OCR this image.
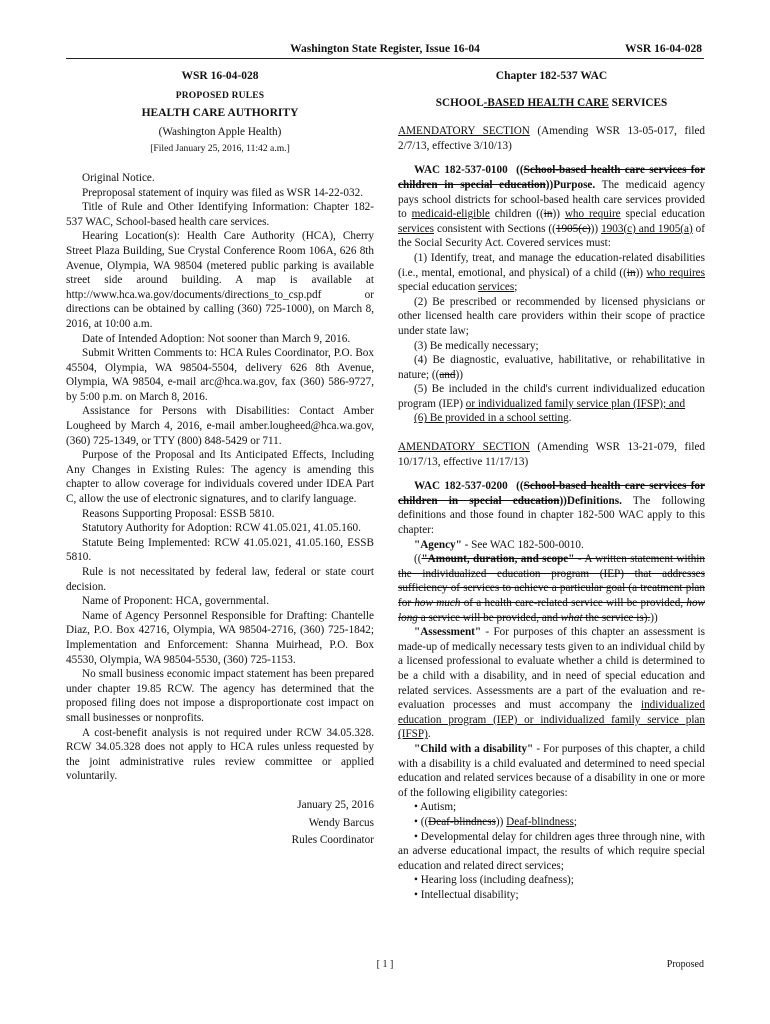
Washington State Register, Issue 16-04	WSR 16-04-028
WSR 16-04-028
PROPOSED RULES
HEALTH CARE AUTHORITY
(Washington Apple Health)
[Filed January 25, 2016, 11:42 a.m.]

Original Notice.

Preproposal statement of inquiry was filed as WSR 14-22-032.

Title of Rule and Other Identifying Information: Chapter 182-537 WAC, School-based health care services.

Hearing Location(s): Health Care Authority (HCA), Cherry Street Plaza Building, Sue Crystal Conference Room 106A, 626 8th Avenue, Olympia, WA 98504 (metered public parking is available street side around building. A map is available at http://www.hca.wa.gov/documents/directions_to_csp.pdf or directions can be obtained by calling (360) 725-1000), on March 8, 2016, at 10:00 a.m.

Date of Intended Adoption: Not sooner than March 9, 2016.

Submit Written Comments to: HCA Rules Coordinator, P.O. Box 45504, Olympia, WA 98504-5504, delivery 626 8th Avenue, Olympia, WA 98504, e-mail arc@hca.wa.gov, fax (360) 586-9727, by 5:00 p.m. on March 8, 2016.

Assistance for Persons with Disabilities: Contact Amber Lougheed by March 4, 2016, e-mail amber.lougheed@hca.wa.gov, (360) 725-1349, or TTY (800) 848-5429 or 711.

Purpose of the Proposal and Its Anticipated Effects, Including Any Changes in Existing Rules: The agency is amending this chapter to allow coverage for individuals covered under IDEA Part C, allow the use of electronic signatures, and to clarify language.

Reasons Supporting Proposal: ESSB 5810.

Statutory Authority for Adoption: RCW 41.05.021, 41.05.160.

Statute Being Implemented: RCW 41.05.021, 41.05.160, ESSB 5810.

Rule is not necessitated by federal law, federal or state court decision.

Name of Proponent: HCA, governmental.

Name of Agency Personnel Responsible for Drafting: Chantelle Diaz, P.O. Box 42716, Olympia, WA 98504-2716, (360) 725-1842; Implementation and Enforcement: Shanna Muirhead, P.O. Box 45530, Olympia, WA 98504-5530, (360) 725-1153.

No small business economic impact statement has been prepared under chapter 19.85 RCW. The agency has determined that the proposed filing does not impose a disproportionate cost impact on small businesses or nonprofits.

A cost-benefit analysis is not required under RCW 34.05.328. RCW 34.05.328 does not apply to HCA rules unless requested by the joint administrative rules review committee or applied voluntarily.

January 25, 2016

Wendy Barcus

Rules Coordinator

Chapter 182-537 WAC
SCHOOL-BASED HEALTH CARE SERVICES

AMENDATORY SECTION (Amending WSR 13-05-017, filed 2/7/13, effective 3/10/13)

WAC 182-537-0100 ((School-based health care services for children in special education))Purpose. The medicaid agency pays school districts for school-based health care services provided to medicaid-eligible children ((in)) who require special education services consistent with Sections ((1905(c))) 1903(c) and 1905(a) of the Social Security Act. Covered services must:

(1) Identify, treat, and manage the education-related disabilities (i.e., mental, emotional, and physical) of a child ((in)) who requires special education services;

(2) Be prescribed or recommended by licensed physicians or other licensed health care providers within their scope of practice under state law;

(3) Be medically necessary;

(4) Be diagnostic, evaluative, habilitative, or rehabilitative in nature; ((and))

(5) Be included in the child's current individualized education program (IEP) or individualized family service plan (IFSP); and

(6) Be provided in a school setting.

AMENDATORY SECTION (Amending WSR 13-21-079, filed 10/17/13, effective 11/17/13)

WAC 182-537-0200 ((School-based health care services for children in special education))Definitions. The following definitions and those found in chapter 182-500 WAC apply to this chapter:

"Agency" - See WAC 182-500-0010.

(("Amount, duration, and scope" - A written statement within the individualized education program (IEP) that addresses sufficiency of services to achieve a particular goal (a treatment plan for how much of a health care-related service will be provided, how long a service will be provided, and what the service is).))

"Assessment" - For purposes of this chapter an assessment is made-up of medically necessary tests given to an individual child by a licensed professional to evaluate whether a child is determined to be a child with a disability, and in need of special education and related services. Assessments are a part of the evaluation and re-evaluation processes and must accompany the individualized education program (IEP) or individualized family service plan (IFSP).

"Child with a disability" - For purposes of this chapter, a child with a disability is a child evaluated and determined to need special education and related services because of a disability in one or more of the following eligibility categories:

• Autism;

• ((Deaf-blindness)) Deaf-blindness;

• Developmental delay for children ages three through nine, with an adverse educational impact, the results of which require special education and related direct services;

• Hearing loss (including deafness);

• Intellectual disability;

[ 1 ]	Proposed
